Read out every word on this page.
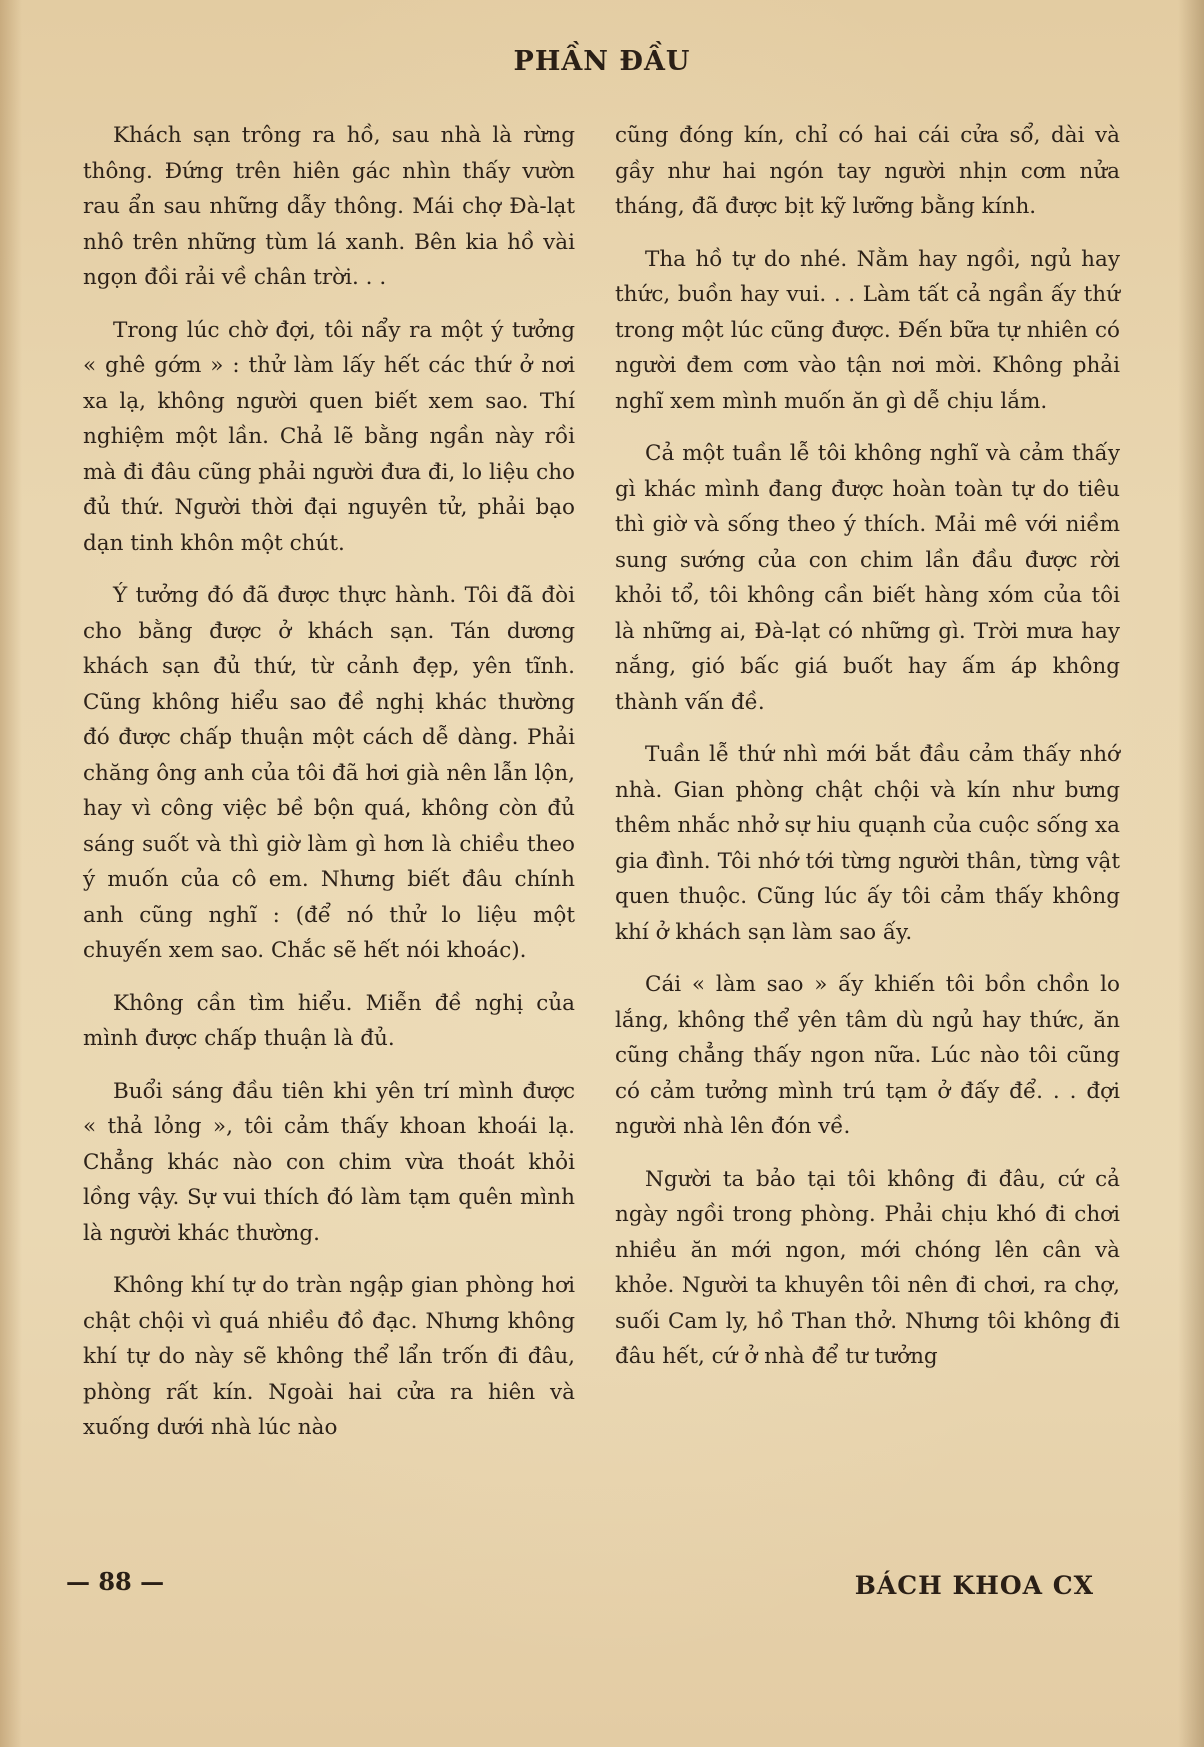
PHẦN ĐẦU

Khách sạn trông ra hồ, sau nhà là rừng thông. Đứng trên hiên gác nhìn thấy vườn rau ẩn sau những dẫy thông. Mái chợ Đà-lạt nhô trên những tùm lá xanh. Bên kia hồ vài ngọn đồi rải về chân trời. . .

Trong lúc chờ đợi, tôi nẩy ra một ý tưởng « ghê gớm » : thử làm lấy hết các thứ ở nơi xa lạ, không người quen biết xem sao. Thí nghiệm một lần. Chả lẽ bằng ngần này rồi mà đi đâu cũng phải người đưa đi, lo liệu cho đủ thứ. Người thời đại nguyên tử, phải bạo dạn tinh khôn một chút.

Ý tưởng đó đã được thực hành. Tôi đã đòi cho bằng được ở khách sạn. Tán dương khách sạn đủ thứ, từ cảnh đẹp, yên tĩnh. Cũng không hiểu sao đề nghị khác thường đó được chấp thuận một cách dễ dàng. Phải chăng ông anh của tôi đã hơi già nên lẫn lộn, hay vì công việc bề bộn quá, không còn đủ sáng suốt và thì giờ làm gì hơn là chiều theo ý muốn của cô em. Nhưng biết đâu chính anh cũng nghĩ : (để nó thử lo liệu một chuyến xem sao. Chắc sẽ hết nói khoác).

Không cần tìm hiểu. Miễn đề nghị của mình được chấp thuận là đủ.

Buổi sáng đầu tiên khi yên trí mình được « thả lỏng », tôi cảm thấy khoan khoái lạ. Chẳng khác nào con chim vừa thoát khỏi lồng vậy. Sự vui thích đó làm tạm quên mình là người khác thường.

Không khí tự do tràn ngập gian phòng hơi chật chội vì quá nhiều đồ đạc. Nhưng không khí tự do này sẽ không thể lẩn trốn đi đâu, phòng rất kín. Ngoài hai cửa ra hiên và xuống dưới nhà lúc nào

cũng đóng kín, chỉ có hai cái cửa sổ, dài và gầy như hai ngón tay người nhịn cơm nửa tháng, đã được bịt kỹ lưỡng bằng kính.

Tha hồ tự do nhé. Nằm hay ngồi, ngủ hay thức, buồn hay vui. . . Làm tất cả ngần ấy thứ trong một lúc cũng được. Đến bữa tự nhiên có người đem cơm vào tận nơi mời. Không phải nghĩ xem mình muốn ăn gì dễ chịu lắm.

Cả một tuần lễ tôi không nghĩ và cảm thấy gì khác mình đang được hoàn toàn tự do tiêu thì giờ và sống theo ý thích. Mải mê với niềm sung sướng của con chim lần đầu được rời khỏi tổ, tôi không cần biết hàng xóm của tôi là những ai, Đà-lạt có những gì. Trời mưa hay nắng, gió bấc giá buốt hay ấm áp không thành vấn đề.

Tuần lễ thứ nhì mới bắt đầu cảm thấy nhớ nhà. Gian phòng chật chội và kín như bưng thêm nhắc nhở sự hiu quạnh của cuộc sống xa gia đình. Tôi nhớ tới từng người thân, từng vật quen thuộc. Cũng lúc ấy tôi cảm thấy không khí ở khách sạn làm sao ấy.

Cái « làm sao » ấy khiến tôi bồn chồn lo lắng, không thể yên tâm dù ngủ hay thức, ăn cũng chẳng thấy ngon nữa. Lúc nào tôi cũng có cảm tưởng mình trú tạm ở đấy để. . . đợi người nhà lên đón về.

Người ta bảo tại tôi không đi đâu, cứ cả ngày ngồi trong phòng. Phải chịu khó đi chơi nhiều ăn mới ngon, mới chóng lên cân và khỏe. Người ta khuyên tôi nên đi chơi, ra chợ, suối Cam ly, hồ Than thở. Nhưng tôi không đi đâu hết, cứ ở nhà để tư tưởng

— 88 —	BÁCH KHOA CX
